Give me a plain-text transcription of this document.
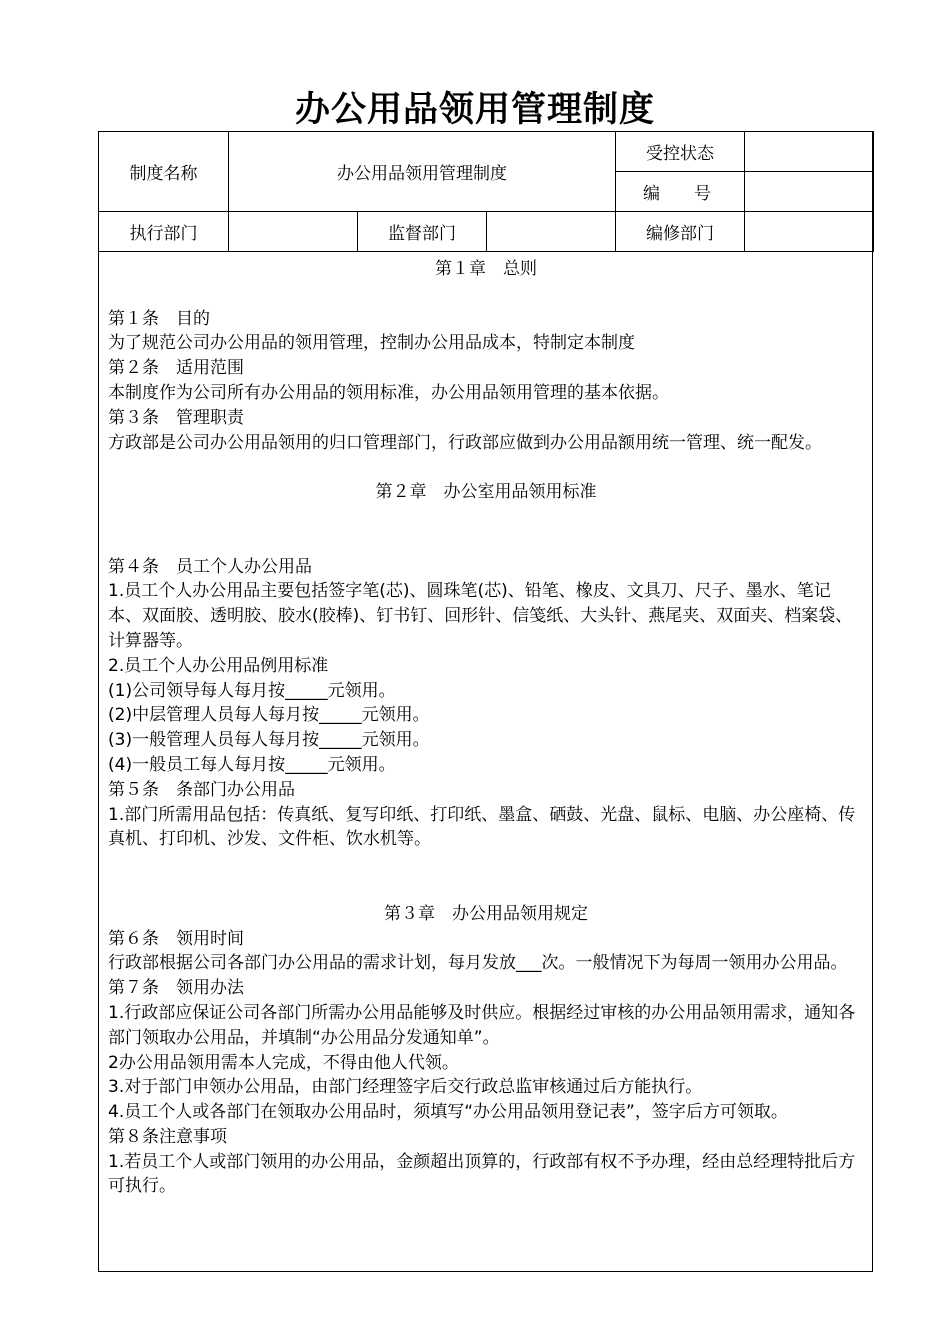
办公用品领用管理制度
制度名称	办公用品领用管理制度			受控状态	
				编　　号	
执行部门		监督部门		编修部门	

第１章　总则

第１条　目的

为了规范公司办公用品的领用管理，控制办公用品成本，特制定本制度

第２条　适用范围

本制度作为公司所有办公用品的领用标准，办公用品领用管理的基本依据。

第３条　管理职责

方政部是公司办公用品领用的归口管理部门，行政部应做到办公用品额用统一管理、统一配发。

第２章　办公室用品领用标准

第４条　员工个人办公用品

1.员工个人办公用品主要包括签字笔(芯)、圆珠笔(芯)、铅笔、橡皮、文具刀、尺子、墨水、笔记本、双面胶、透明胶、胶水(胶棒)、钉书钉、回形针、信笺纸、大头针、燕尾夹、双面夹、档案袋、计算器等。

2.员工个人办公用品例用标准

(1)公司领导每人每月按_____元领用。

(2)中层管理人员每人每月按_____元领用。

(3)一般管理人员每人每月按_____元领用。

(4)一般员工每人每月按_____元领用。

第５条　条部门办公用品

1.部门所需用品包括：传真纸、复写印纸、打印纸、墨盒、硒鼓、光盘、鼠标、电脑、办公座椅、传真机、打印机、沙发、文件柜、饮水机等。

第３章　办公用品领用规定

第６条　领用时间

行政部根据公司各部门办公用品的需求计划，每月发放___次。一般情况下为每周一领用办公用品。

第７条　领用办法

1.行政部应保证公司各部门所需办公用品能够及时供应。根据经过审核的办公用品领用需求，通知各部门领取办公用品，并填制“办公用品分发通知单”。

2办公用品领用需本人完成，不得由他人代领。

3.对于部门申领办公用品，由部门经理签字后交行政总监审核通过后方能执行。

4.员工个人或各部门在领取办公用品时，须填写“办公用品领用登记表”，签字后方可领取。

第８条注意事项

1.若员工个人或部门领用的办公用品，金颜超出顶算的，行政部有权不予办理，经由总经理特批后方可执行。
